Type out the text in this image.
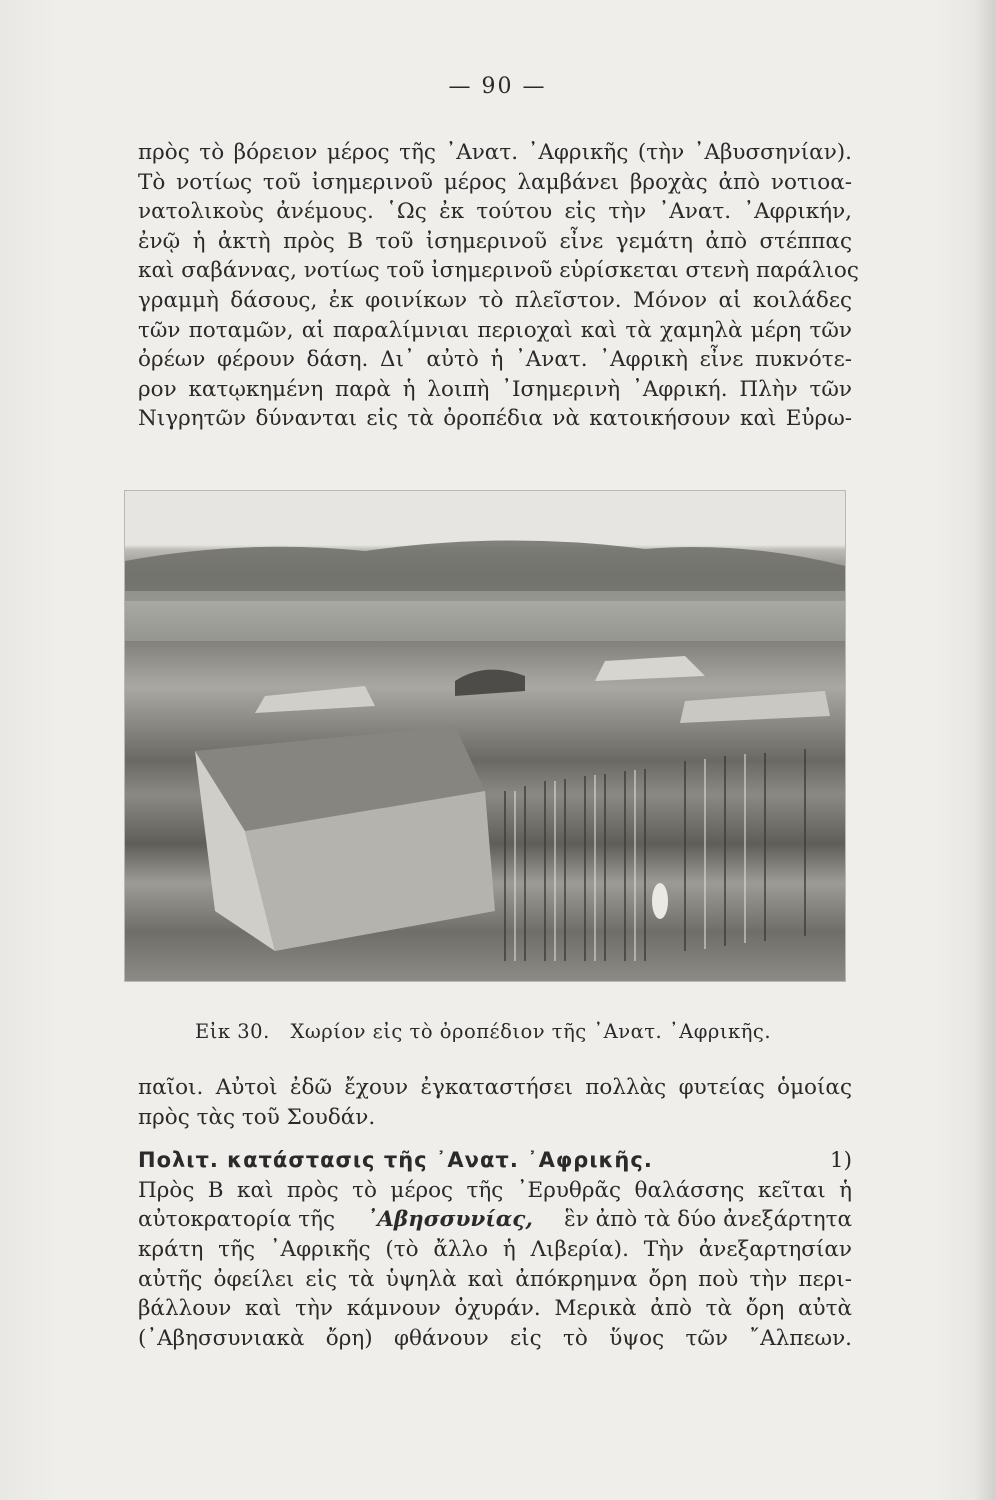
— 90 —
πρὸς τὸ βόρειον μέρος τῆς ᾿Ανατ. ᾿Αφρικῆς (τὴν ᾿Αβυσσηνίαν).
Τὸ νοτίως τοῦ ἰσημερινοῦ μέρος λαμβάνει βροχὰς ἀπὸ νοτιοα-
νατολικοὺς ἀνέμους. ῾Ως ἐκ τούτου εἰς τὴν ᾿Ανατ. ᾿Αφρικήν,
ἐνῷ ἡ ἀκτὴ πρὸς Β τοῦ ἰσημερινοῦ εἶνε γεμάτη ἀπὸ στέππας
καὶ σαβάννας, νοτίως τοῦ ἰσημερινοῦ εὑρίσκεται στενὴ παράλιος
γραμμὴ δάσους, ἐκ φοινίκων τὸ πλεῖστον. Μόνον αἱ κοιλάδες
τῶν ποταμῶν, αἱ παραλίμνιαι περιοχαὶ καὶ τὰ χαμηλὰ μέρη τῶν
ὀρέων φέρουν δάση. Δι᾿ αὐτὸ ἡ ᾿Ανατ. ᾿Αφρικὴ εἶνε πυκνότε-
ρον κατῳκημένη παρὰ ἡ λοιπὴ ᾿Ισημερινὴ ᾿Αφρική. Πλὴν τῶν
Νιγρητῶν δύνανται εἰς τὰ ὀροπέδια νὰ κατοικήσουν καὶ Εὐρω-
Εἰκ 30. Χωρίον εἰς τὸ ὀροπέδιον τῆς ᾿Ανατ. ᾿Αφρικῆς.
παῖοι. Αὐτοὶ ἐδῶ ἔχουν ἐγκαταστήσει πολλὰς φυτείας ὁμοίας
πρὸς τὰς τοῦ Σουδάν.
Πολιτ. κατάστασις τῆς ᾿Ανατ. ᾿Αφρικῆς.	1)
Πρὸς Β καὶ πρὸς τὸ μέρος τῆς ᾿Ερυθρᾶς θαλάσσης κεῖται ἡ
αὐτοκρατορία τῆς ᾿Αβησσυνίας, ἓν ἀπὸ τὰ δύο ἀνεξάρτητα
κράτη τῆς ᾿Αφρικῆς (τὸ ἄλλο ἡ Λιβερία). Τὴν ἀνεξαρτησίαν
αὐτῆς ὀφείλει εἰς τὰ ὑψηλὰ καὶ ἀπόκρημνα ὄρη ποὺ τὴν περι-
βάλλουν καὶ τὴν κάμνουν ὀχυράν. Μερικὰ ἀπὸ τὰ ὄρη αὐτὰ
(᾿Αβησσυνιακὰ ὄρη) φθάνουν εἰς τὸ ὕψος τῶν ῎Αλπεων.
